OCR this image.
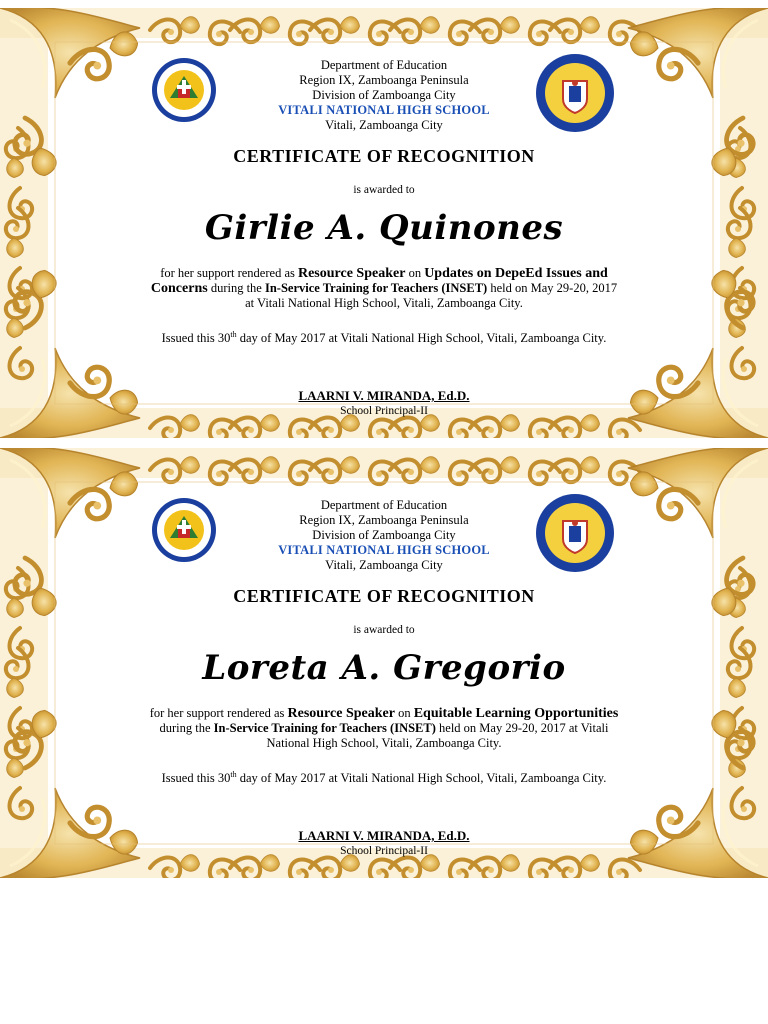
Department of Education
Region IX, Zamboanga Peninsula
Division of Zamboanga City
VITALI NATIONAL HIGH SCHOOL
Vitali, Zamboanga City
CERTIFICATE OF RECOGNITION
is awarded to
Girlie A. Quinones
for her support rendered as Resource Speaker on Updates on DepeEd Issues and
Concerns during the In-Service Training for Teachers (INSET) held on May 29-20, 2017
at Vitali National High School, Vitali, Zamboanga City.
Issued this 30th day of May 2017 at Vitali National High School, Vitali, Zamboanga City.
LAARNI V. MIRANDA, Ed.D.
School Principal-II
Department of Education
Region IX, Zamboanga Peninsula
Division of Zamboanga City
VITALI NATIONAL HIGH SCHOOL
Vitali, Zamboanga City
CERTIFICATE OF RECOGNITION
is awarded to
Loreta A. Gregorio
for her support rendered as Resource Speaker on Equitable Learning Opportunities
during the In-Service Training for Teachers (INSET) held on May 29-20, 2017 at Vitali
National High School, Vitali, Zamboanga City.
Issued this 30th day of May 2017 at Vitali National High School, Vitali, Zamboanga City.
LAARNI V. MIRANDA, Ed.D.
School Principal-II
